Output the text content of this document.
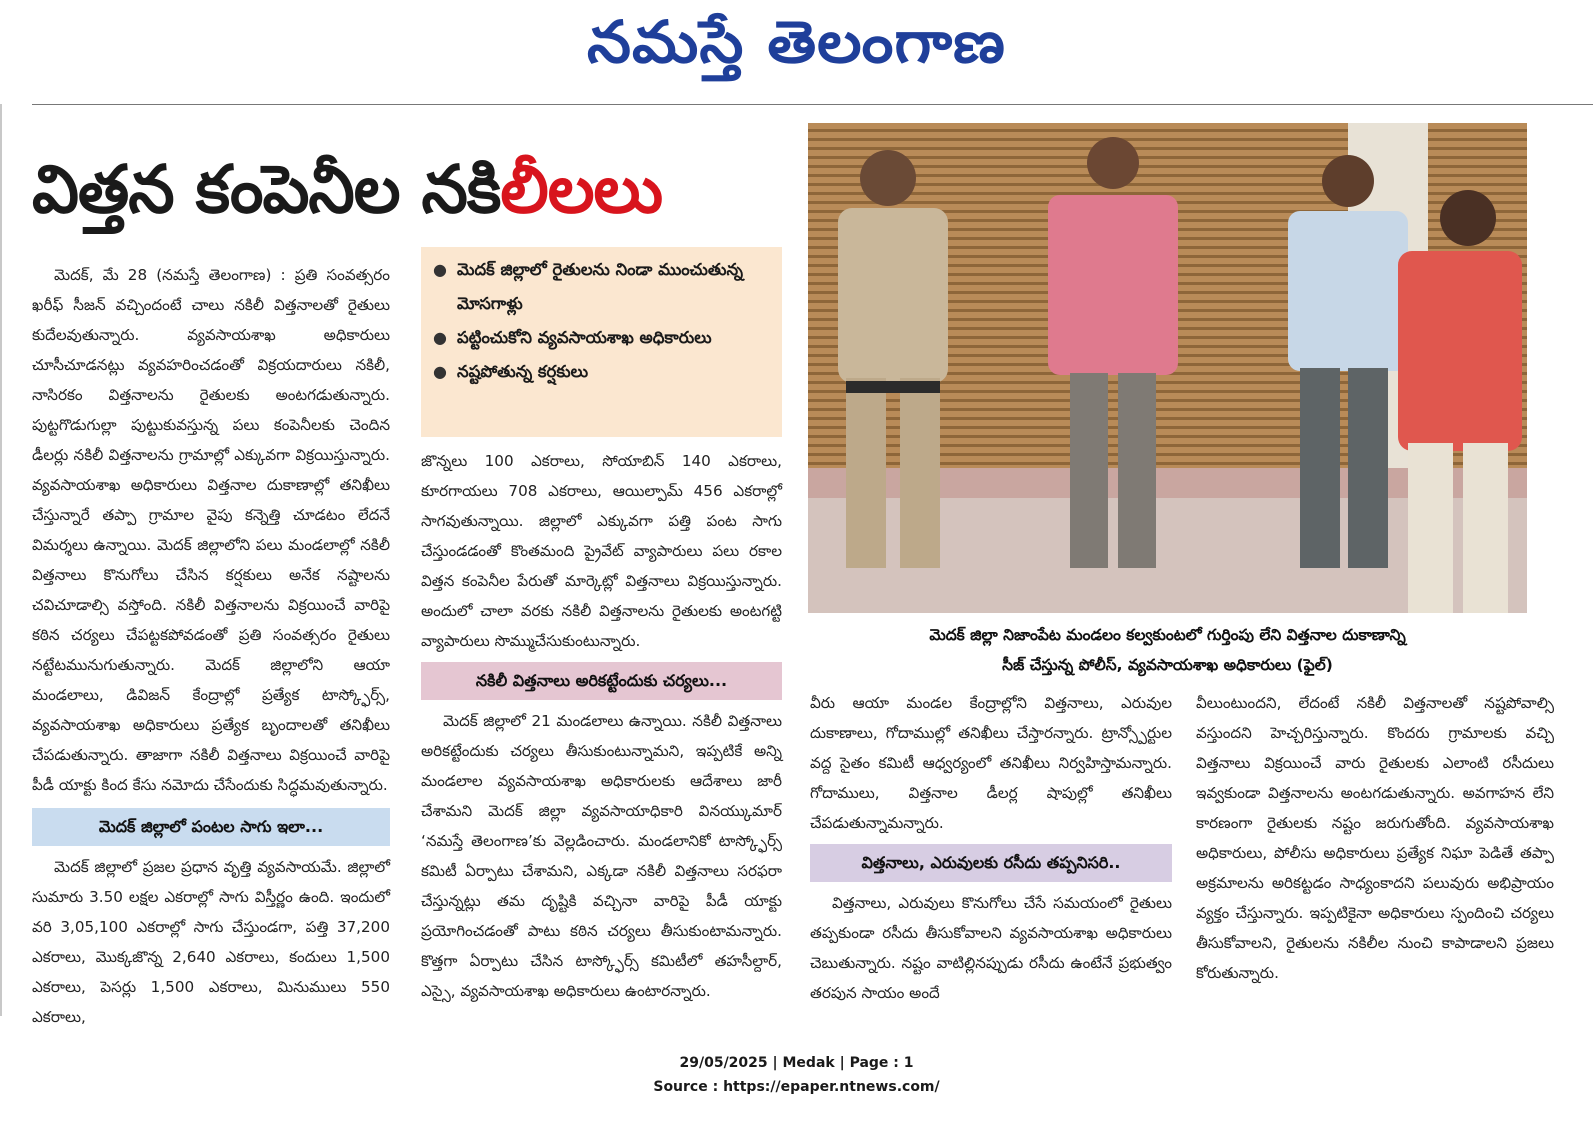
నమస్తే తెలంగాణ
విత్తన కంపెనీల నకిలీలలు

మెదక్, మే 28 (నమస్తే తెలంగాణ) : ప్రతి సంవత్సరం ఖరీఫ్ సీజన్ వచ్చిందంటే చాలు నకిలీ విత్తనాలతో రైతులు కుదేలవుతున్నారు. వ్యవసాయశాఖ అధికారులు చూసీచూడనట్లు వ్యవహరించడంతో విక్రయదారులు నకిలీ, నాసిరకం విత్తనాలను రైతులకు అంటగడుతున్నారు. పుట్టగొడుగుల్లా పుట్టుకువస్తున్న పలు కంపెనీలకు చెందిన డీలర్లు నకిలీ విత్తనాలను గ్రామాల్లో ఎక్కువగా విక్రయిస్తున్నారు. వ్యవసాయశాఖ అధికారులు విత్తనాల దుకాణాల్లో తనిఖీలు చేస్తున్నారే తప్పా గ్రామాల వైపు కన్నెత్తి చూడటం లేదనే విమర్శలు ఉన్నాయి. మెదక్ జిల్లాలోని పలు మండలాల్లో నకిలీ విత్తనాలు కొనుగోలు చేసిన కర్షకులు అనేక నష్టాలను చవిచూడాల్సి వస్తోంది. నకిలీ విత్తనాలను విక్రయించే వారిపై కఠిన చర్యలు చేపట్టకపోవడంతో ప్రతి సంవత్సరం రైతులు నట్టేటమునుగుతున్నారు. మెదక్ జిల్లాలోని ఆయా మండలాలు, డివిజన్ కేంద్రాల్లో ప్రత్యేక టాస్క్ఫోర్స్, వ్యవసాయశాఖ అధికారులు ప్రత్యేక బృందాలతో తనిఖీలు చేపడుతున్నారు. తాజాగా నకిలీ విత్తనాలు విక్రయించే వారిపై పీడీ యాక్టు కింద కేసు నమోదు చేసేందుకు సిద్ధమవుతున్నారు.

మెదక్ జిల్లాలో పంటల సాగు ఇలా...

మెదక్ జిల్లాలో ప్రజల ప్రధాన వృత్తి వ్యవసాయమే. జిల్లాలో సుమారు 3.50 లక్షల ఎకరాల్లో సాగు విస్తీర్ణం ఉంది. ఇందులో వరి 3,05,100 ఎకరాల్లో సాగు చేస్తుండగా, పత్తి 37,200 ఎకరాలు, మొక్కజొన్న 2,640 ఎకరాలు, కందులు 1,500 ఎకరాలు, పెసర్లు 1,500 ఎకరాలు, మినుములు 550 ఎకరాలు,

● మెదక్ జిల్లాలో రైతులను నిండా ముంచుతున్న మోసగాళ్లు
● పట్టించుకోని వ్యవసాయశాఖ అధికారులు
● నష్టపోతున్న కర్షకులు

జొన్నలు 100 ఎకరాలు, సోయాబిన్ 140 ఎకరాలు, కూరగాయలు 708 ఎకరాలు, ఆయిల్పామ్ 456 ఎకరాల్లో సాగవుతున్నాయి. జిల్లాలో ఎక్కువగా పత్తి పంట సాగు చేస్తుండడంతో కొంతమంది ప్రైవేట్ వ్యాపారులు పలు రకాల విత్తన కంపెనీల పేరుతో మార్కెట్లో విత్తనాలు విక్రయిస్తున్నారు. అందులో చాలా వరకు నకిలీ విత్తనాలను రైతులకు అంటగట్టి వ్యాపారులు సొమ్ముచేసుకుంటున్నారు.

నకిలీ విత్తనాలు అరికట్టేందుకు చర్యలు...

మెదక్ జిల్లాలో 21 మండలాలు ఉన్నాయి. నకిలీ విత్తనాలు అరికట్టేందుకు చర్యలు తీసుకుంటున్నామని, ఇప్పటికే అన్ని మండలాల వ్యవసాయశాఖ అధికారులకు ఆదేశాలు జారీ చేశామని మెదక్ జిల్లా వ్యవసాయాధికారి వినయ్కుమార్ ‘నమస్తే తెలంగాణ’కు వెల్లడించారు. మండలానికో టాస్క్ఫోర్స్ కమిటీ ఏర్పాటు చేశామని, ఎక్కడా నకిలీ విత్తనాలు సరఫరా చేస్తున్నట్లు తమ దృష్టికి వచ్చినా వారిపై పీడీ యాక్టు ప్రయోగించడంతో పాటు కఠిన చర్యలు తీసుకుంటామన్నారు. కొత్తగా ఏర్పాటు చేసిన టాస్క్ఫోర్స్ కమిటీలో తహసీల్దార్, ఎస్సై, వ్యవసాయశాఖ అధికారులు ఉంటారన్నారు.

మెదక్ జిల్లా నిజాంపేట మండలం కల్వకుంటలో గుర్తింపు లేని విత్తనాల దుకాణాన్ని
సీజ్ చేస్తున్న పోలీస్, వ్యవసాయశాఖ అధికారులు (ఫైల్)

వీరు ఆయా మండల కేంద్రాల్లోని విత్తనాలు, ఎరువుల దుకాణాలు, గోదాముల్లో తనిఖీలు చేస్తారన్నారు. ట్రాన్స్పోర్టుల వద్ద సైతం కమిటీ ఆధ్వర్యంలో తనిఖీలు నిర్వహిస్తామన్నారు. గోదాములు, విత్తనాల డీలర్ల షాపుల్లో తనిఖీలు చేపడుతున్నామన్నారు.

విత్తనాలు, ఎరువులకు రసీదు తప్పనిసరి..

విత్తనాలు, ఎరువులు కొనుగోలు చేసే సమయంలో రైతులు తప్పకుండా రసీదు తీసుకోవాలని వ్యవసాయశాఖ అధికారులు చెబుతున్నారు. నష్టం వాటిల్లినప్పుడు రసీదు ఉంటేనే ప్రభుత్వం తరపున సాయం అందే

వీలుంటుందని, లేదంటే నకిలీ విత్తనాలతో నష్టపోవాల్సి వస్తుందని హెచ్చరిస్తున్నారు. కొందరు గ్రామాలకు వచ్చి విత్తనాలు విక్రయించే వారు రైతులకు ఎలాంటి రసీదులు ఇవ్వకుండా విత్తనాలను అంటగడుతున్నారు. అవగాహన లేని కారణంగా రైతులకు నష్టం జరుగుతోంది. వ్యవసాయశాఖ అధికారులు, పోలీసు అధికారులు ప్రత్యేక నిఘా పెడితే తప్పా అక్రమాలను అరికట్టడం సాధ్యంకాదని పలువురు అభిప్రాయం వ్యక్తం చేస్తున్నారు. ఇప్పటికైనా అధికారులు స్పందించి చర్యలు తీసుకోవాలని, రైతులను నకిలీల నుంచి కాపాడాలని ప్రజలు కోరుతున్నారు.

29/05/2025 | Medak | Page : 1
Source : https://epaper.ntnews.com/
